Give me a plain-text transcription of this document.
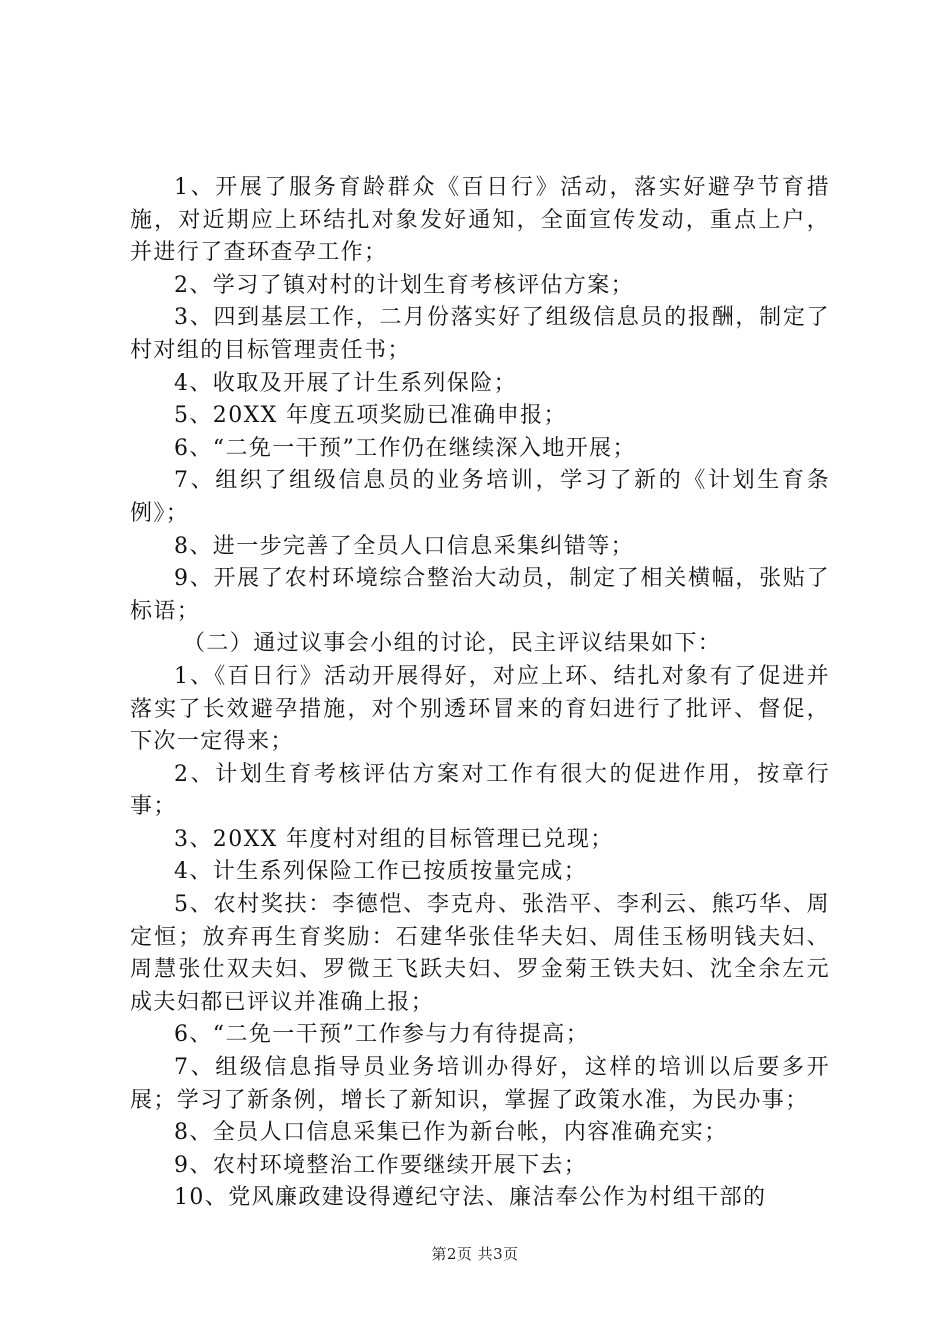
1、开展了服务育龄群众《百日行》活动，落实好避孕节育措施，对近期应上环结扎对象发好通知，全面宣传发动，重点上户，并进行了查环查孕工作；

2、学习了镇对村的计划生育考核评估方案；

3、四到基层工作，二月份落实好了组级信息员的报酬，制定了村对组的目标管理责任书；

4、收取及开展了计生系列保险；

5、20XX 年度五项奖励已准确申报；

6、“二免一干预”工作仍在继续深入地开展；

7、组织了组级信息员的业务培训，学习了新的《计划生育条例》；

8、进一步完善了全员人口信息采集纠错等；

9、开展了农村环境综合整治大动员，制定了相关横幅，张贴了标语；

（二）通过议事会小组的讨论，民主评议结果如下：

1、《百日行》活动开展得好，对应上环、结扎对象有了促进并落实了长效避孕措施，对个别透环冒来的育妇进行了批评、督促，下次一定得来；

2、计划生育考核评估方案对工作有很大的促进作用，按章行事；

3、20XX 年度村对组的目标管理已兑现；

4、计生系列保险工作已按质按量完成；

5、农村奖扶：李德恺、李克舟、张浩平、李利云、熊巧华、周定恒；放弃再生育奖励：石建华张佳华夫妇、周佳玉杨明钱夫妇、周慧张仕双夫妇、罗微王飞跃夫妇、罗金菊王铁夫妇、沈全余左元成夫妇都已评议并准确上报；

6、“二免一干预”工作参与力有待提高；

7、组级信息指导员业务培训办得好，这样的培训以后要多开展；学习了新条例，增长了新知识，掌握了政策水准，为民办事；

8、全员人口信息采集已作为新台帐，内容准确充实；

9、农村环境整治工作要继续开展下去；

10、党风廉政建设得遵纪守法、廉洁奉公作为村组干部的

第2页 共3页
